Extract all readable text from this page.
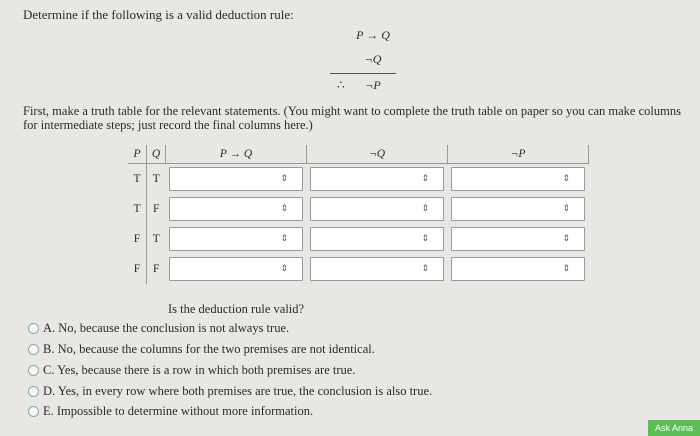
Determine if the following is a valid deduction rule:
P → Q
¬Q
∴	¬P
First, make a truth table for the relevant statements. (You might want to complete the truth table on paper so you can make columns for intermediate steps; just record the final columns here.)
P	Q	P → Q	¬Q	¬P
T	T	⇕	⇕	⇕

T	F	⇕	⇕	⇕

F	T	⇕	⇕	⇕

F	F	⇕	⇕	⇕
Is the deduction rule valid?
A. No, because the conclusion is not always true.
B. No, because the columns for the two premises are not identical.
C. Yes, because there is a row in which both premises are true.
D. Yes, in every row where both premises are true, the conclusion is also true.
E. Impossible to determine without more information.
Ask Anna
